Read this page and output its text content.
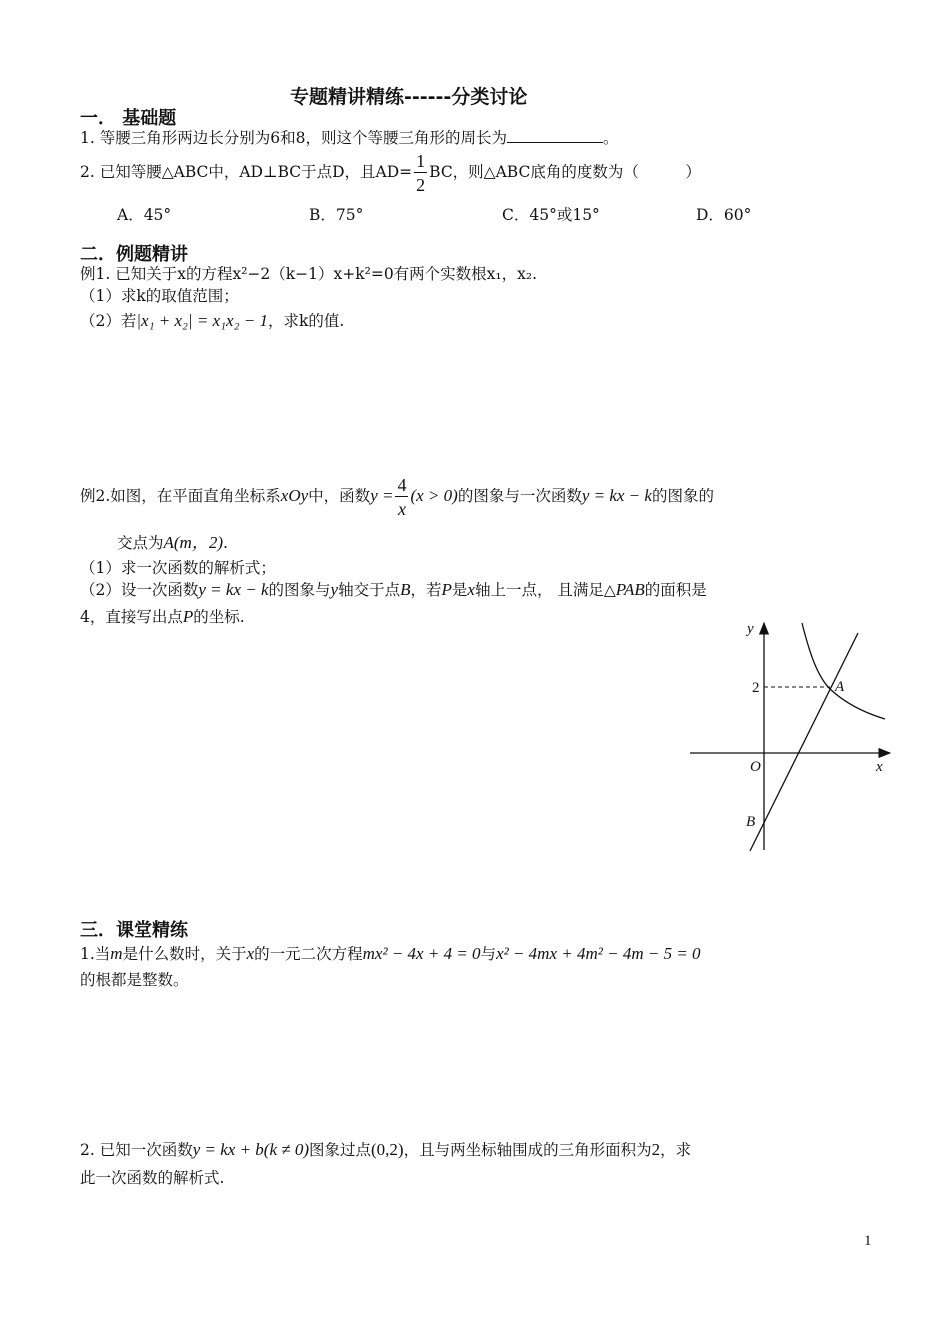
专题精讲精练------分类讨论
一． 基础题
1. 等腰三角形两边长分别为6和8，则这个等腰三角形的周长为	。
2. 已知等腰△ABC中，AD⊥BC于点D，且$AD= \frac{1}{2}$ BC，则△ABC底角的度数为（　　　）
A．45°	B．75°	C．45°或15°	D．60°
二．例题精讲
例1. 已知关于x的方程x²−2（k−1）x+k²=0有两个实数根x₁，x₂.
（1）求k的取值范围；
（2）若|x₁ + x₂| = x₁x₂ − 1，求k的值.
例2.如图，在平面直角坐标系xOy中，函数$y = \frac{4}{x} (x > 0)$的图象与一次函数y = kx − k的图象的
交点为A(m，2).
（1）求一次函数的解析式；
（2）设一次函数y = kx − k的图象与y轴交于点B，若P是x轴上一点， 且满足△PAB的面积是
4，直接写出点P的坐标.
y
x
O
2	A
B
三．课堂精练
1.当m是什么数时，关于x的一元二次方程mx² − 4x + 4 = 0与x² − 4mx + 4m² − 4m − 5 = 0
的根都是整数。
2. 已知一次函数y = kx + b(k ≠ 0)图象过点(0,2)，且与两坐标轴围成的三角形面积为2，求
此一次函数的解析式.
1
